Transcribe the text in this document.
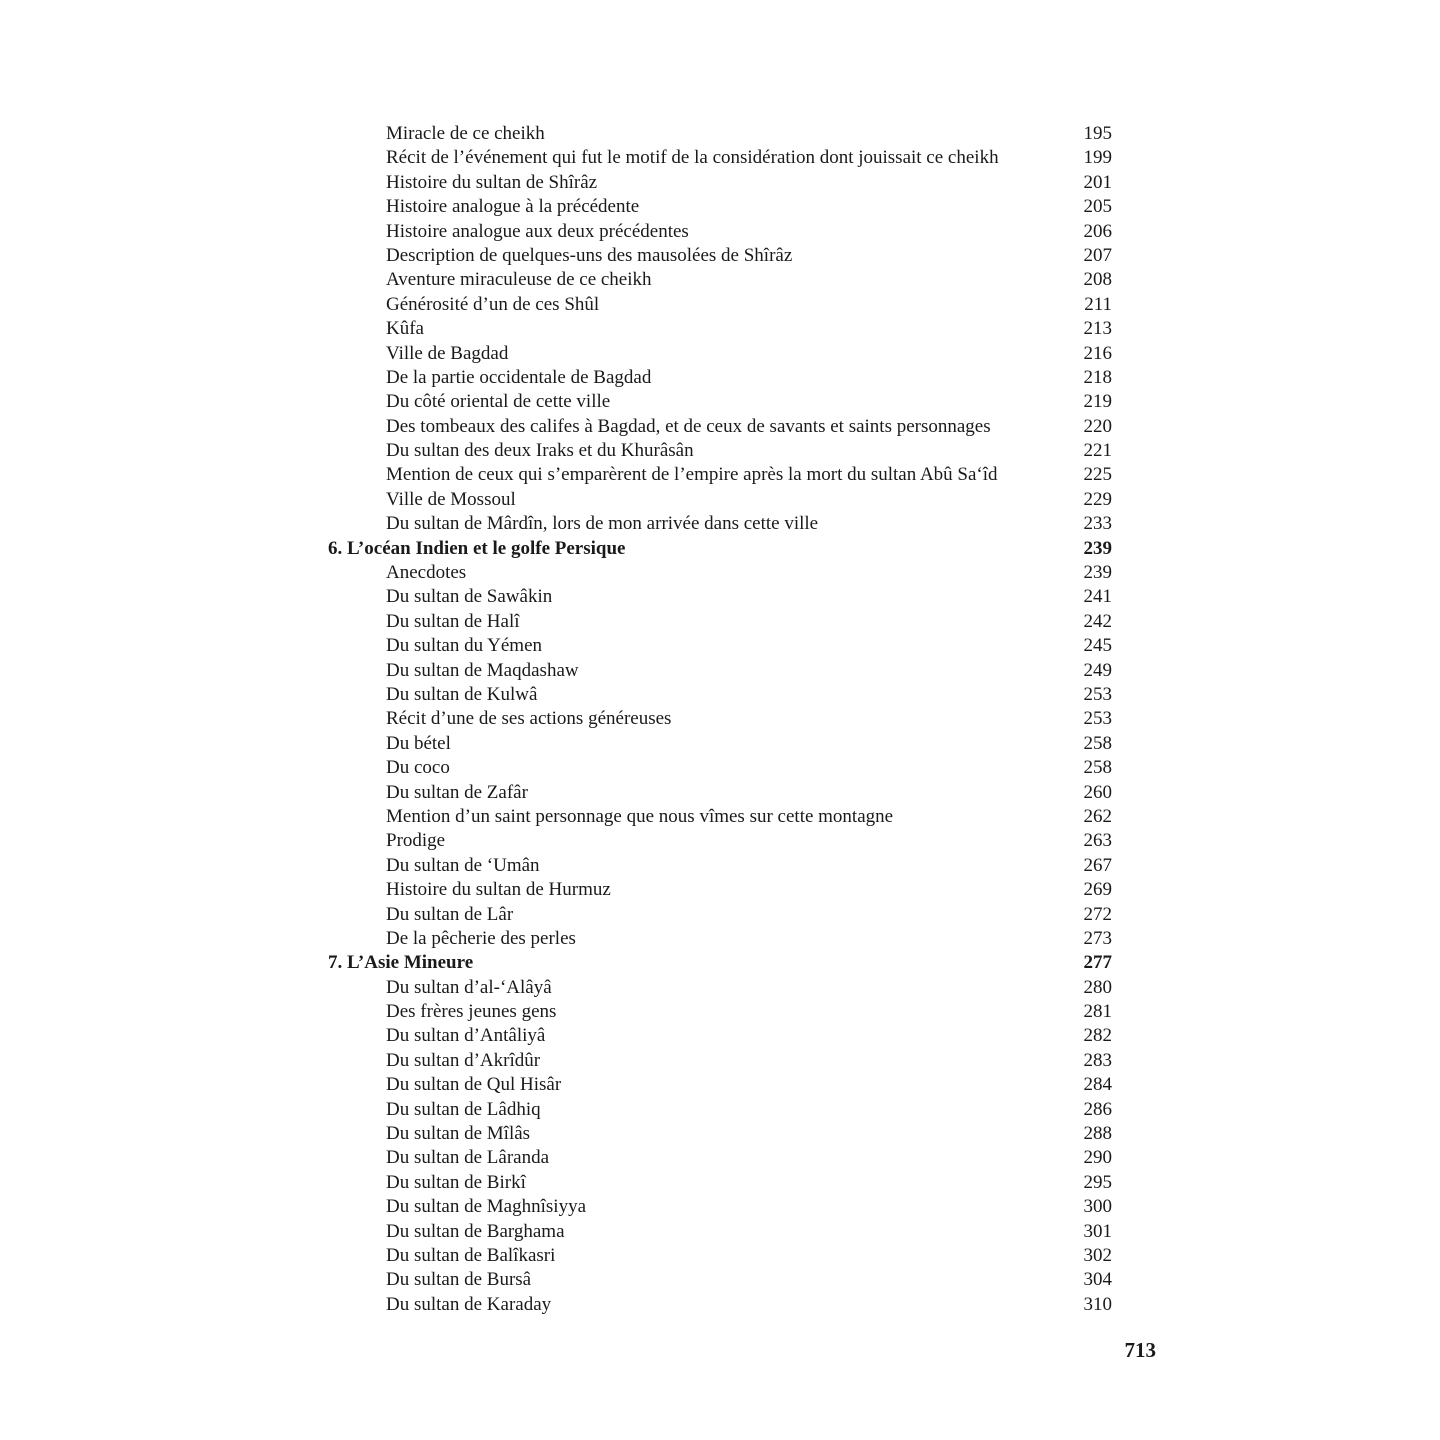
Miracle de ce cheikh	195
Récit de l’événement qui fut le motif de la considération dont jouissait ce cheikh	199
Histoire du sultan de Shîrâz	201
Histoire analogue à la précédente	205
Histoire analogue aux deux précédentes	206
Description de quelques-uns des mausolées de Shîrâz	207
Aventure miraculeuse de ce cheikh	208
Générosité d’un de ces Shûl	211
Kûfa	213
Ville de Bagdad	216
De la partie occidentale de Bagdad	218
Du côté oriental de cette ville	219
Des tombeaux des califes à Bagdad, et de ceux de savants et saints personnages	220
Du sultan des deux Iraks et du Khurâsân	221
Mention de ceux qui s’emparèrent de l’empire après la mort du sultan Abû Sa‘îd	225
Ville de Mossoul	229
Du sultan de Mârdîn, lors de mon arrivée dans cette ville	233
6. L’océan Indien et le golfe Persique	239
Anecdotes	239
Du sultan de Sawâkin	241
Du sultan de Halî	242
Du sultan du Yémen	245
Du sultan de Maqdashaw	249
Du sultan de Kulwâ	253
Récit d’une de ses actions généreuses	253
Du bétel	258
Du coco	258
Du sultan de Zafâr	260
Mention d’un saint personnage que nous vîmes sur cette montagne	262
Prodige	263
Du sultan de ‘Umân	267
Histoire du sultan de Hurmuz	269
Du sultan de Lâr	272
De la pêcherie des perles	273
7. L’Asie Mineure	277
Du sultan d’al-‘Alâyâ	280
Des frères jeunes gens	281
Du sultan d’Antâliyâ	282
Du sultan d’Akrîdûr	283
Du sultan de Qul Hisâr	284
Du sultan de Lâdhiq	286
Du sultan de Mîlâs	288
Du sultan de Lâranda	290
Du sultan de Birkî	295
Du sultan de Maghnîsiyya	300
Du sultan de Barghama	301
Du sultan de Balîkasri	302
Du sultan de Bursâ	304
Du sultan de Karaday	310
713
